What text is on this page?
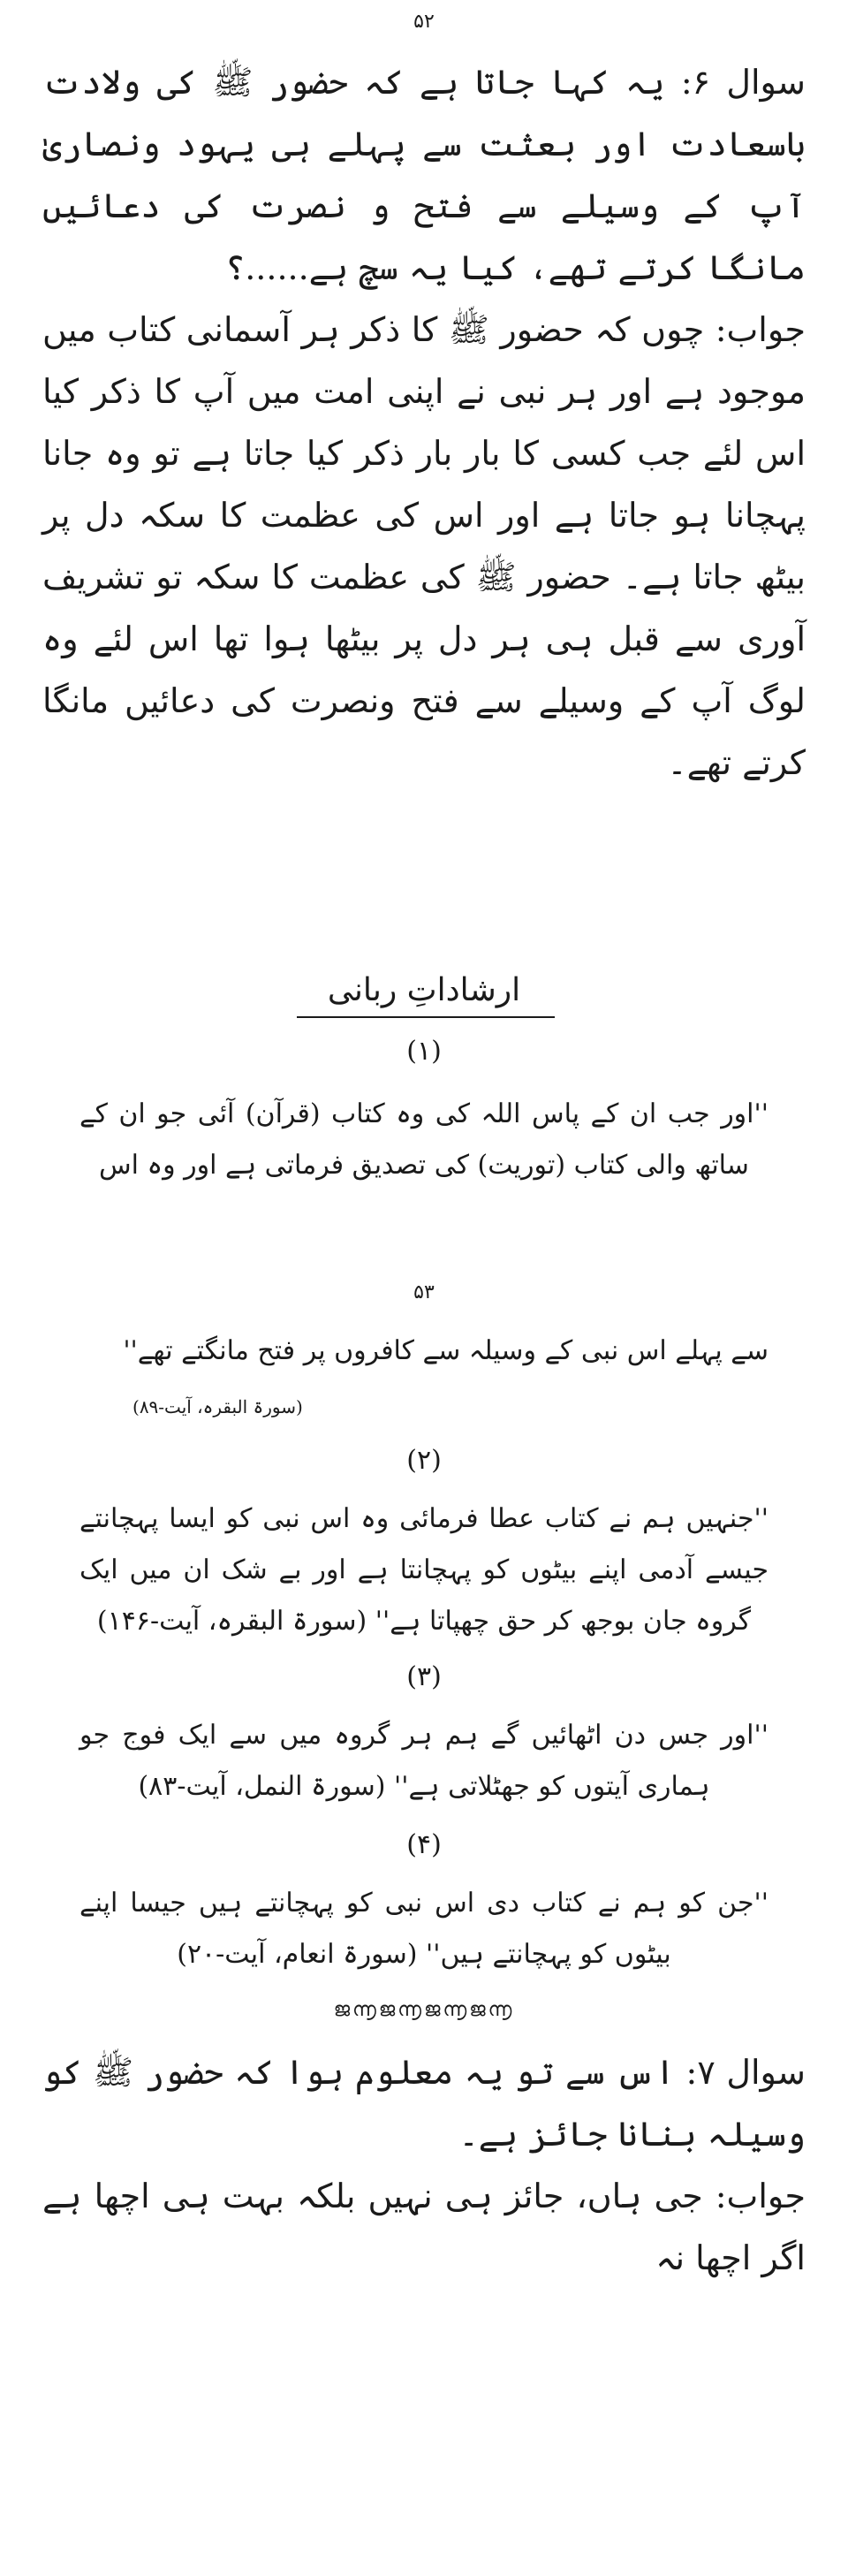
۵۲

سوال ۶: یہ کہا جاتا ہے کہ حضور ﷺ کی ولادت باسعادت اور بعثت سے پہلے ہی یہود ونصاریٰ آپ کے وسیلے سے فتح و نصرت کی دعائیں مانگا کرتے تھے، کیا یہ سچ ہے......؟

جواب: چوں کہ حضور ﷺ کا ذکر ہر آسمانی کتاب میں موجود ہے اور ہر نبی نے اپنی امت میں آپ کا ذکر کیا اس لئے جب کسی کا بار بار ذکر کیا جاتا ہے تو وہ جانا پہچانا ہو جاتا ہے اور اس کی عظمت کا سکہ دل پر بیٹھ جاتا ہے۔ حضور ﷺ کی عظمت کا سکہ تو تشریف آوری سے قبل ہی ہر دل پر بیٹھا ہوا تھا اس لئے وہ لوگ آپ کے وسیلے سے فتح ونصرت کی دعائیں مانگا کرتے تھے۔

ارشاداتِ ربانی
(۱)
''اور جب ان کے پاس اللہ کی وہ کتاب (قرآن) آئی جو ان کے ساتھ والی کتاب (توریت) کی تصدیق فرماتی ہے اور وہ اس
۵۳
سے پہلے اس نبی کے وسیلہ سے کافروں پر فتح مانگتے تھے''
(سورۃ البقرہ، آیت-۸۹)
(۲)
''جنہیں ہم نے کتاب عطا فرمائی وہ اس نبی کو ایسا پہچانتے جیسے آدمی اپنے بیٹوں کو پہچانتا ہے اور بے شک ان میں ایک گروہ جان بوجھ کر حق چھپاتا ہے'' (سورۃ البقرہ، آیت-۱۴۶)
(۳)
''اور جس دن اٹھائیں گے ہم ہر گروہ میں سے ایک فوج جو ہماری آیتوں کو جھٹلاتی ہے'' (سورۃ النمل، آیت-۸۳)
(۴)
''جن کو ہم نے کتاب دی اس نبی کو پہچانتے ہیں جیسا اپنے بیٹوں کو پہچانتے ہیں'' (سورۃ انعام، آیت-۲۰)
ജ൬ജ൬ജ൬ജ൬

سوال ۷: اس سے تو یہ معلوم ہوا کہ حضور ﷺ کو وسیلہ بنانا جائز ہے۔

جواب: جی ہاں، جائز ہی نہیں بلکہ بہت ہی اچھا ہے اگر اچھا نہ
